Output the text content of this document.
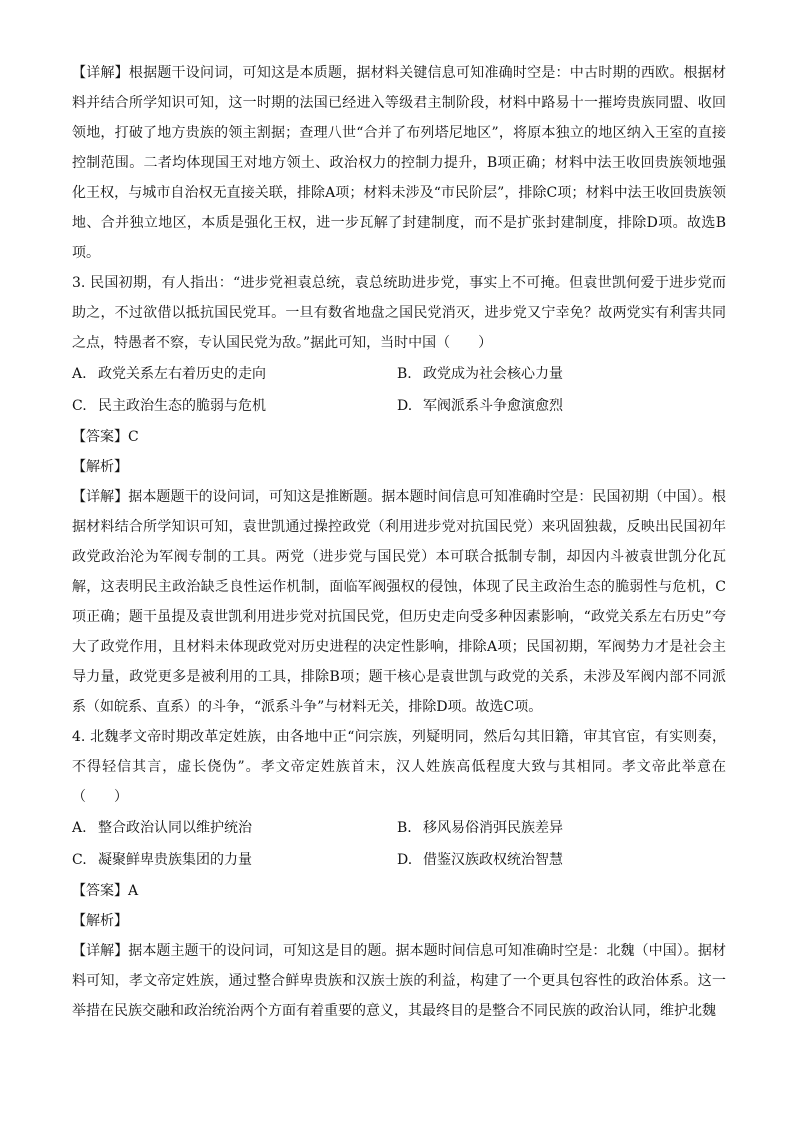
【详解】根据题干设问词，可知这是本质题，据材料关键信息可知准确时空是：中古时期的西欧。根据材料并结合所学知识可知，这一时期的法国已经进入等级君主制阶段，材料中路易十一摧垮贵族同盟、收回领地，打破了地方贵族的领主割据；查理八世“合并了布列塔尼地区”，将原本独立的地区纳入王室的直接控制范围。二者均体现国王对地方领土、政治权力的控制力提升，B项正确；材料中法王收回贵族领地强化王权，与城市自治权无直接关联，排除A项；材料未涉及“市民阶层”，排除C项；材料中法王收回贵族领地、合并独立地区，本质是强化王权，进一步瓦解了封建制度，而不是扩张封建制度，排除D项。故选B项。

3. 民国初期，有人指出：“进步党袒袁总统，袁总统助进步党，事实上不可掩。但袁世凯何爱于进步党而助之，不过欲借以抵抗国民党耳。一旦有数省地盘之国民党消灭，进步党又宁幸免？故两党实有利害共同之点，特愚者不察，专认国民党为敌。”据此可知，当时中国（　　）

A. 政党关系左右着历史的走向	B. 政党成为社会核心力量
C. 民主政治生态的脆弱与危机	D. 军阀派系斗争愈演愈烈

【答案】C

【解析】

【详解】据本题题干的设问词，可知这是推断题。据本题时间信息可知准确时空是：民国初期（中国）。根据材料结合所学知识可知，袁世凯通过操控政党（利用进步党对抗国民党）来巩固独裁，反映出民国初年政党政治沦为军阀专制的工具。两党（进步党与国民党）本可联合抵制专制，却因内斗被袁世凯分化瓦解，这表明民主政治缺乏良性运作机制，面临军阀强权的侵蚀，体现了民主政治生态的脆弱性与危机，C项正确；题干虽提及袁世凯利用进步党对抗国民党，但历史走向受多种因素影响，“政党关系左右历史”夸大了政党作用，且材料未体现政党对历史进程的决定性影响，排除A项；民国初期，军阀势力才是社会主导力量，政党更多是被利用的工具，排除B项；题干核心是袁世凯与政党的关系，未涉及军阀内部不同派系（如皖系、直系）的斗争，“派系斗争”与材料无关，排除D项。故选C项。

4. 北魏孝文帝时期改革定姓族，由各地中正“问宗族，列疑明同，然后勾其旧籍，审其官宦，有实则奏，不得轻信其言，虚长侥伪”。孝文帝定姓族首末，汉人姓族高低程度大致与其相同。孝文帝此举意在（　　）

A. 整合政治认同以维护统治	B. 移风易俗消弭民族差异
C. 凝聚鲜卑贵族集团的力量	D. 借鉴汉族政权统治智慧

【答案】A

【解析】

【详解】据本题主题干的设问词，可知这是目的题。据本题时间信息可知准确时空是：北魏（中国）。据材料可知，孝文帝定姓族，通过整合鲜卑贵族和汉族士族的利益，构建了一个更具包容性的政治体系。这一举措在民族交融和政治统治两个方面有着重要的意义，其最终目的是整合不同民族的政治认同，维护北魏
